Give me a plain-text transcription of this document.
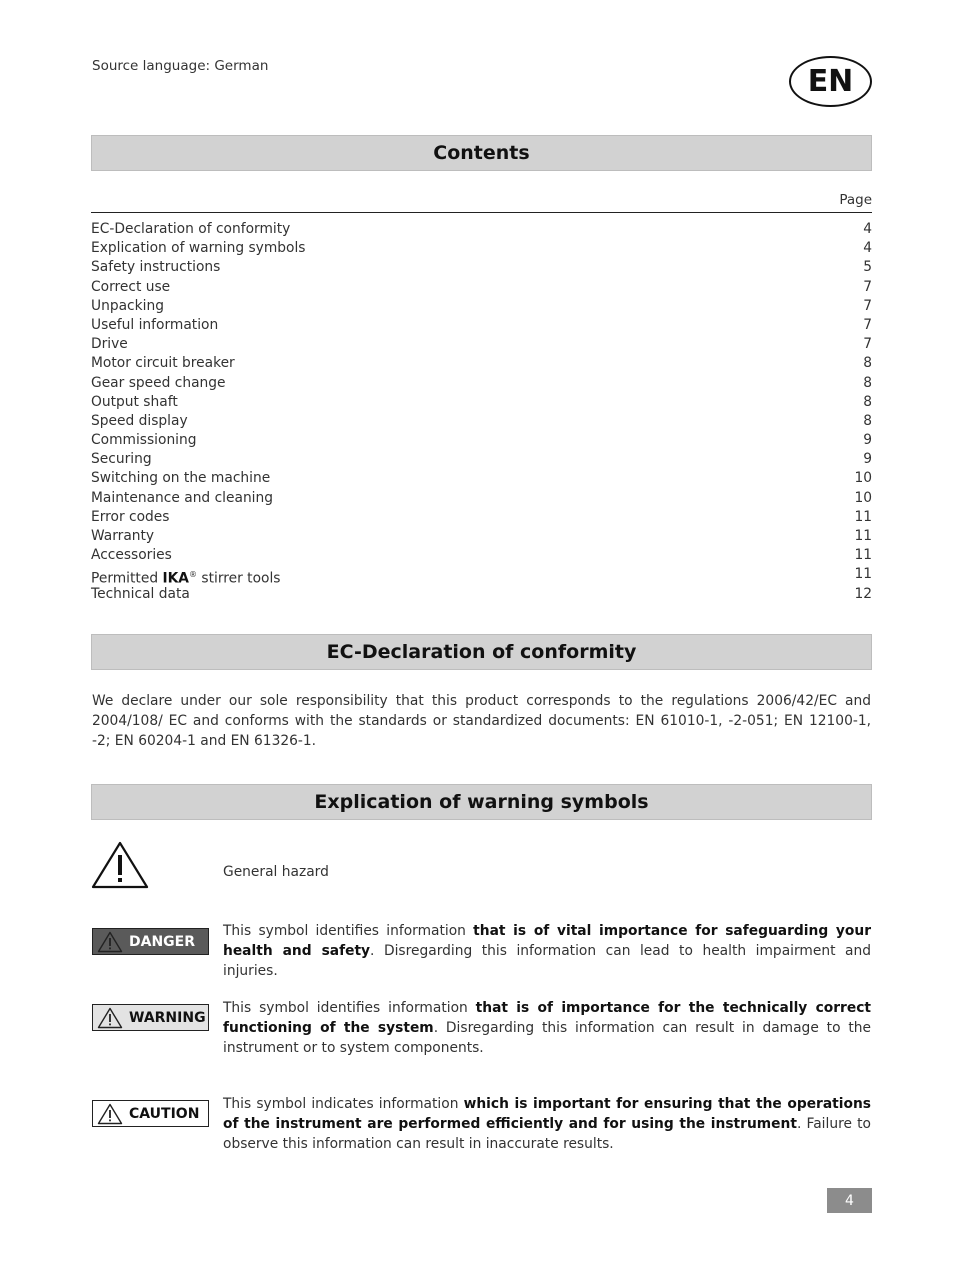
Source language: German	EN
Contents
Page
EC-Declaration of conformity	4
Explication of warning symbols	4
Safety instructions	5
Correct use	7
Unpacking	7
Useful information	7
Drive	7
Motor circuit breaker	8
Gear speed change	8
Output shaft	8
Speed display	8
Commissioning	9
Securing	9
Switching on the machine	10
Maintenance and cleaning	10
Error codes	11
Warranty	11
Accessories	11
Permitted IKA® stirrer tools	11
Technical data	12
EC-Declaration of conformity
We declare under our sole responsibility that this product corresponds to the regulations 2006/42/EC and 2004/108/ EC and conforms with the standards or standardized documents: EN 61010-1, -2-051; EN 12100-1, -2; EN 60204-1 and EN 61326-1.
Explication of warning symbols
General hazard
DANGER
This symbol identifies information that is of vital importance for safeguarding your health and safety. Disregarding this information can lead to health impairment and injuries.
WARNING
This symbol identifies information that is of importance for the technically correct functioning of the system. Disregarding this information can result in damage to the instrument or to system components.
CAUTION
This symbol indicates information which is important for ensuring that the operations of the instrument are performed efficiently and for using the instrument. Failure to observe this information can result in inaccurate results.
4
